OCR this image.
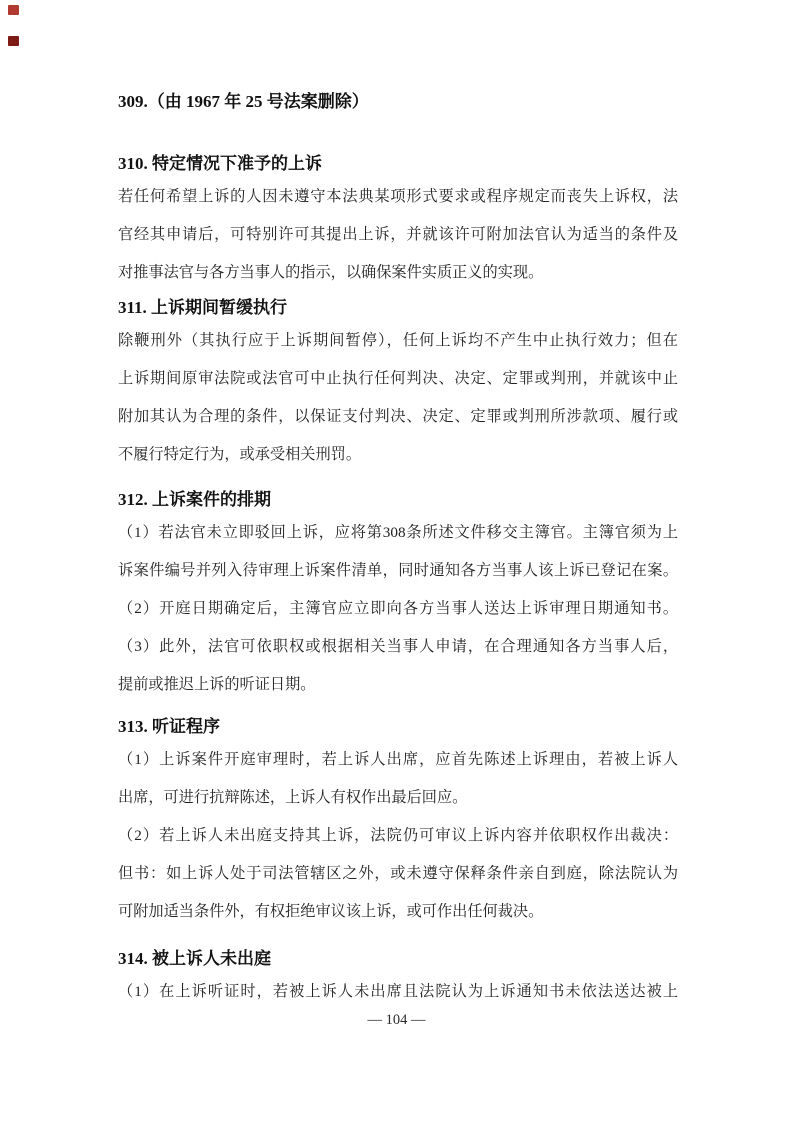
309.（由 1967 年 25 号法案删除）
310. 特定情况下准予的上诉
若任何希望上诉的人因未遵守本法典某项形式要求或程序规定而丧失上诉权，法
官经其申请后，可特别许可其提出上诉，并就该许可附加法官认为适当的条件及
对推事法官与各方当事人的指示，以确保案件实质正义的实现。
311. 上诉期间暂缓执行
除鞭刑外（其执行应于上诉期间暂停），任何上诉均不产生中止执行效力；但在
上诉期间原审法院或法官可中止执行任何判决、决定、定罪或判刑，并就该中止
附加其认为合理的条件，以保证支付判决、决定、定罪或判刑所涉款项、履行或
不履行特定行为，或承受相关刑罚。
312. 上诉案件的排期
（1）若法官未立即驳回上诉，应将第308条所述文件移交主簿官。主簿官须为上
诉案件编号并列入待审理上诉案件清单，同时通知各方当事人该上诉已登记在案。
（2）开庭日期确定后，主簿官应立即向各方当事人送达上诉审理日期通知书。
（3）此外，法官可依职权或根据相关当事人申请，在合理通知各方当事人后，
提前或推迟上诉的听证日期。
313. 听证程序
（1）上诉案件开庭审理时，若上诉人出席，应首先陈述上诉理由，若被上诉人
出席，可进行抗辩陈述，上诉人有权作出最后回应。
（2）若上诉人未出庭支持其上诉，法院仍可审议上诉内容并依职权作出裁决：
但书：如上诉人处于司法管辖区之外，或未遵守保释条件亲自到庭，除法院认为
可附加适当条件外，有权拒绝审议该上诉，或可作出任何裁决。
314. 被上诉人未出庭
（1）在上诉听证时，若被上诉人未出席且法院认为上诉通知书未依法送达被上
— 104 —
